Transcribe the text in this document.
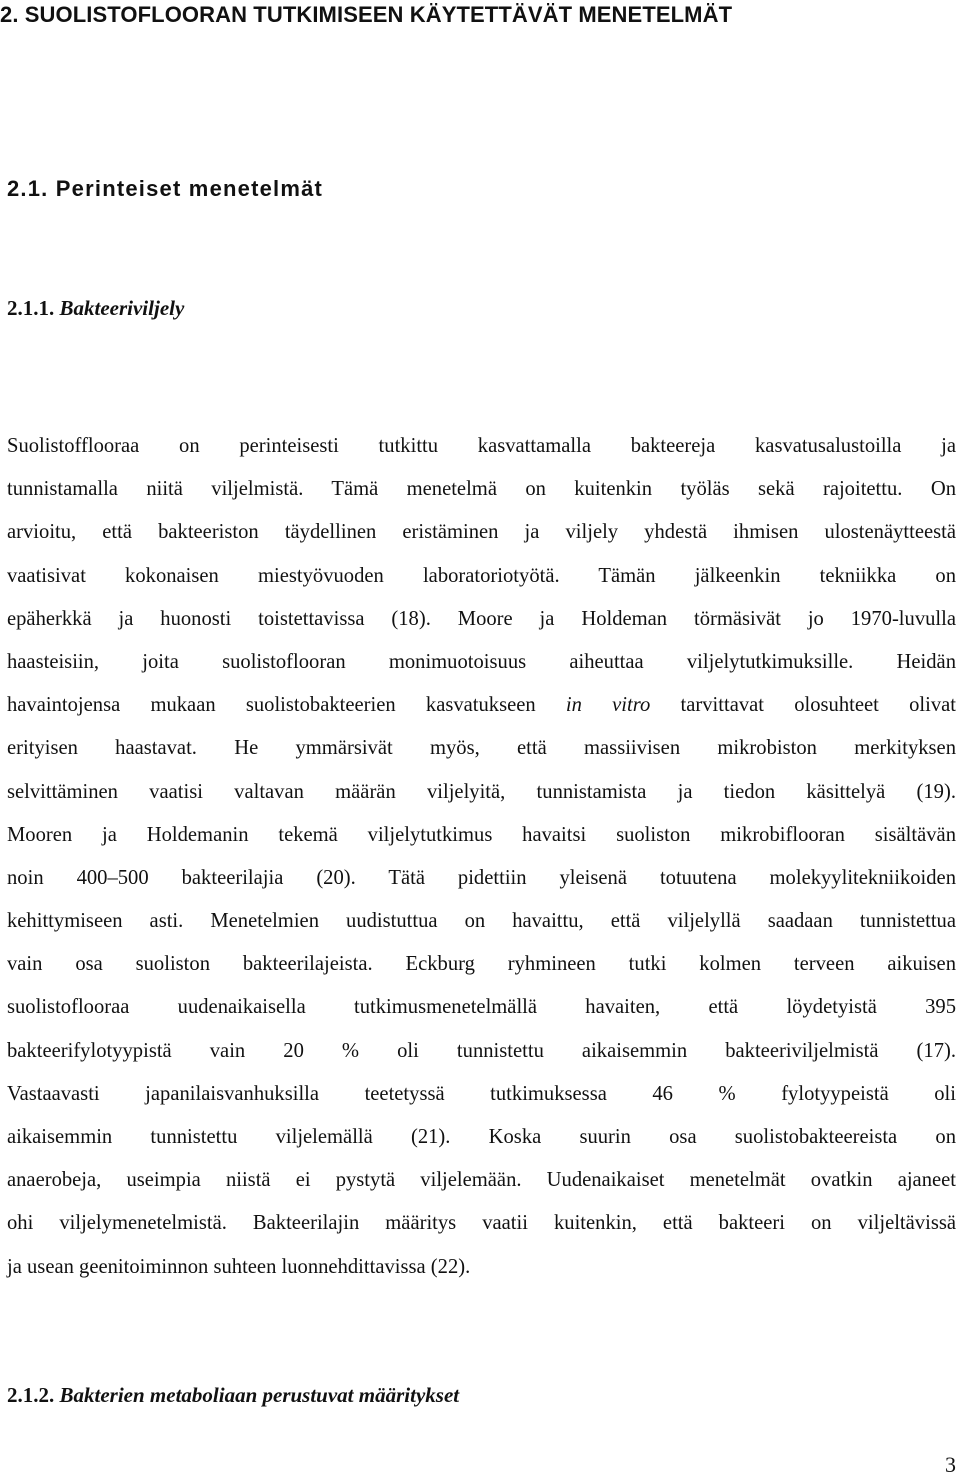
2. SUOLISTOFLOORAN TUTKIMISEEN KÄYTETTÄVÄT MENETELMÄT
2.1. Perinteiset menetelmät
2.1.1. Bakteeriviljely
Suolistofflooraa on perinteisesti tutkittu kasvattamalla bakteereja kasvatusalustoilla ja
tunnistamalla niitä viljelmistä. Tämä menetelmä on kuitenkin työläs sekä rajoitettu. On
arvioitu, että bakteeriston täydellinen eristäminen ja viljely yhdestä ihmisen ulostenäytteestä
vaatisivat kokonaisen miestyövuoden laboratoriotyötä. Tämän jälkeenkin tekniikka on
epäherkkä ja huonosti toistettavissa (18). Moore ja Holdeman törmäsivät jo 1970-luvulla
haasteisiin, joita suolistoflooran monimuotoisuus aiheuttaa viljelytutkimuksille. Heidän
havaintojensa mukaan suolistobakteerien kasvatukseen in vitro tarvittavat olosuhteet olivat
erityisen haastavat. He ymmärsivät myös, että massiivisen mikrobiston merkityksen
selvittäminen vaatisi valtavan määrän viljelyitä, tunnistamista ja tiedon käsittelyä (19).
Mooren ja Holdemanin tekemä viljelytutkimus havaitsi suoliston mikrobiflooran sisältävän
noin 400–500 bakteerilajia (20). Tätä pidettiin yleisenä totuutena molekyylitekniikoiden
kehittymiseen asti. Menetelmien uudistuttua on havaittu, että viljelyllä saadaan tunnistettua
vain osa suoliston bakteerilajeista. Eckburg ryhmineen tutki kolmen terveen aikuisen
suolistoflooraa uudenaikaisella tutkimusmenetelmällä havaiten, että löydetyistä 395
bakteerifylotyypistä vain 20 % oli tunnistettu aikaisemmin bakteeriviljelmistä (17).
Vastaavasti japanilaisvanhuksilla teetetyssä tutkimuksessa 46 % fylotyypeistä oli
aikaisemmin tunnistettu viljelemällä (21). Koska suurin osa suolistobakteereista on
anaerobeja, useimpia niistä ei pystytä viljelemään. Uudenaikaiset menetelmät ovatkin ajaneet
ohi viljelymenetelmistä. Bakteerilajin määritys vaatii kuitenkin, että bakteeri on viljeltävissä
ja usean geenitoiminnon suhteen luonnehdittavissa (22).
2.1.2. Bakterien metaboliaan perustuvat määritykset
3
